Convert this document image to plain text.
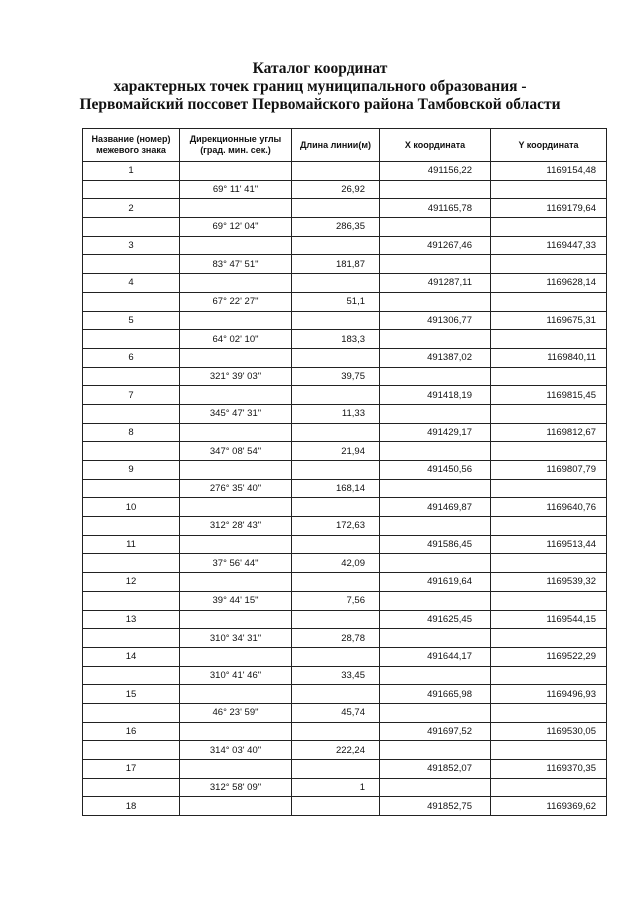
Каталог координат
характерных точек границ муниципального образования -
Первомайский поссовет Первомайского района Тамбовской области
Название (номер) межевого знака	Дирекционные углы (град. мин. сек.)	Длина линии(м)	X координата	Y координата
1			491156,22	1169154,48
	69° 11' 41"	26,92		
2			491165,78	1169179,64
	69° 12' 04"	286,35		
3			491267,46	1169447,33
	83° 47' 51"	181,87		
4			491287,11	1169628,14
	67° 22' 27"	51,1		
5			491306,77	1169675,31
	64° 02' 10"	183,3		
6			491387,02	1169840,11
	321° 39' 03"	39,75		
7			491418,19	1169815,45
	345° 47' 31"	11,33		
8			491429,17	1169812,67
	347° 08' 54"	21,94		
9			491450,56	1169807,79
	276° 35' 40"	168,14		
10			491469,87	1169640,76
	312° 28' 43"	172,63		
11			491586,45	1169513,44
	37° 56' 44"	42,09		
12			491619,64	1169539,32
	39° 44' 15"	7,56		
13			491625,45	1169544,15
	310° 34' 31"	28,78		
14			491644,17	1169522,29
	310° 41' 46"	33,45		
15			491665,98	1169496,93
	46° 23' 59"	45,74		
16			491697,52	1169530,05
	314° 03' 40"	222,24		
17			491852,07	1169370,35
	312° 58' 09"	1		
18			491852,75	1169369,62
